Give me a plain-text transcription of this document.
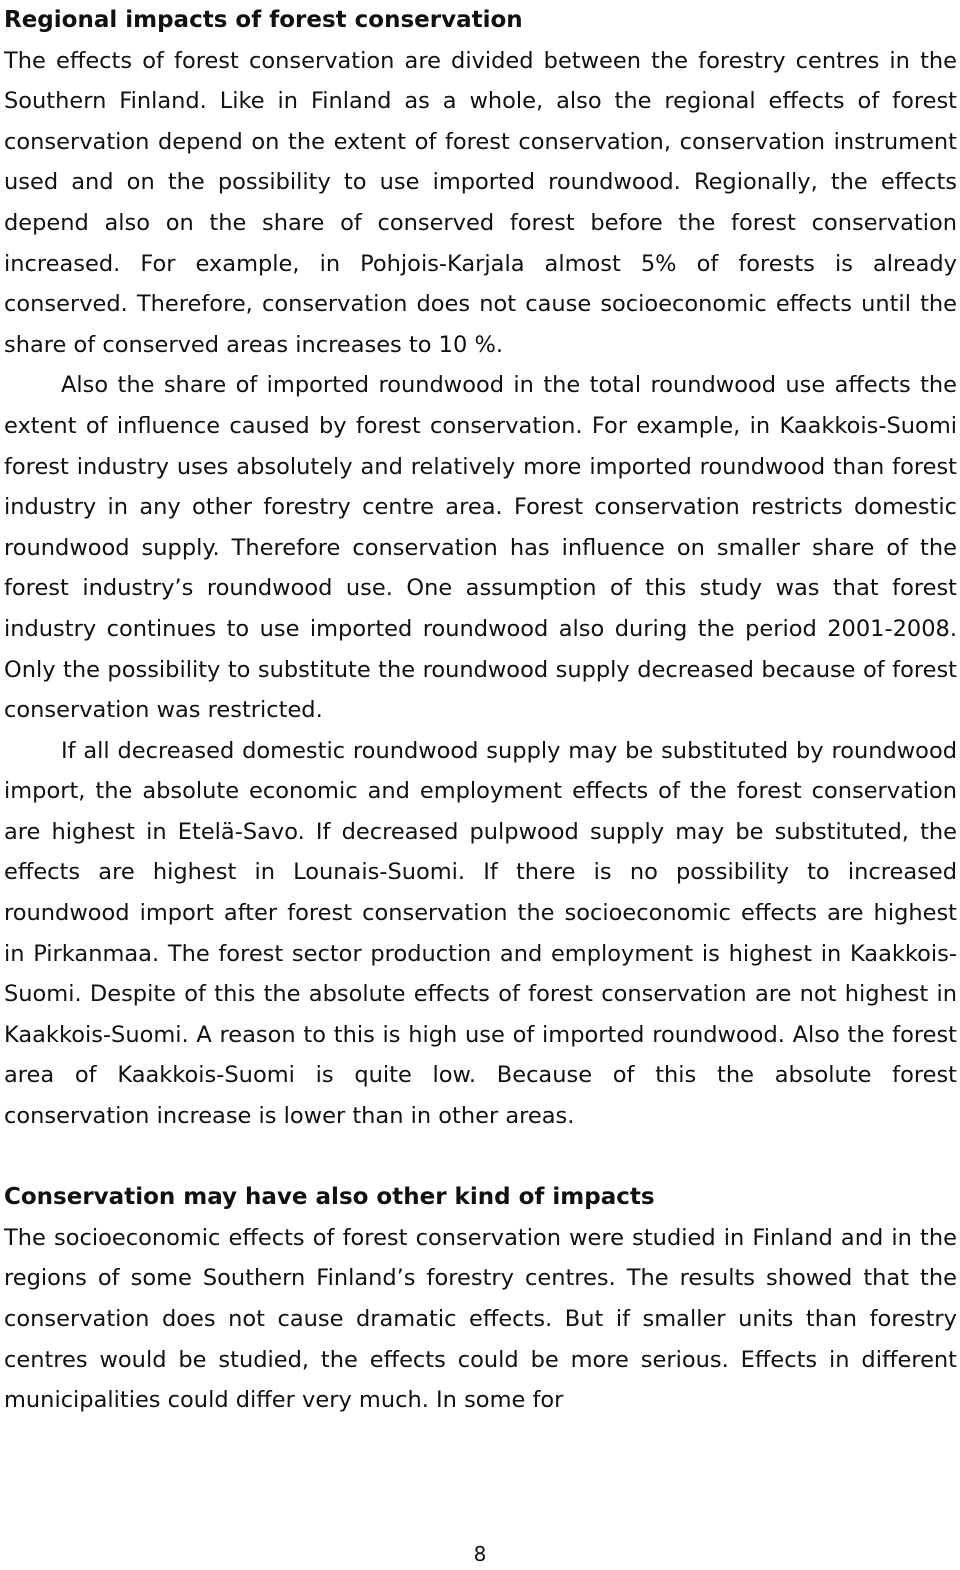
Regional impacts of forest conservation

The effects of forest conservation are divided between the forestry centres in the Southern Finland. Like in Finland as a whole, also the regional effects of forest conservation depend on the extent of forest conservation, conservation instrument used and on the possibility to use imported roundwood. Regionally, the effects depend also on the share of conserved forest before the forest conservation increased. For example, in Pohjois-Karjala almost 5% of forests is already conserved. Therefore, conservation does not cause socioeconomic effects until the share of conserved areas increases to 10 %.

Also the share of imported roundwood in the total roundwood use affects the extent of influence caused by forest conservation. For example, in Kaakkois-Suomi forest industry uses absolutely and relatively more imported roundwood than forest industry in any other forestry centre area. Forest conservation restricts domestic roundwood supply. Therefore conservation has influence on smaller share of the forest industry’s roundwood use. One assumption of this study was that forest industry continues to use imported roundwood also during the period 2001-2008. Only the possibility to substitute the roundwood supply decreased because of forest conservation was restricted.

If all decreased domestic roundwood supply may be substituted by roundwood import, the absolute economic and employment effects of the forest conservation are highest in Etelä-Savo. If decreased pulpwood supply may be substituted, the effects are highest in Lounais-Suomi. If there is no possibility to increased roundwood import after forest conservation the socioeconomic effects are highest in Pirkanmaa. The forest sector production and employment is highest in Kaakkois-Suomi. Despite of this the absolute effects of forest conservation are not highest in Kaakkois-Suomi. A reason to this is high use of imported roundwood. Also the forest area of Kaakkois-Suomi is quite low. Because of this the absolute forest conservation increase is lower than in other areas.

Conservation may have also other kind of impacts

The socioeconomic effects of forest conservation were studied in Finland and in the regions of some Southern Finland’s forestry centres. The results showed that the conservation does not cause dramatic effects. But if smaller units than forestry centres would be studied, the effects could be more serious. Effects in different municipalities could differ very much. In some for

8
